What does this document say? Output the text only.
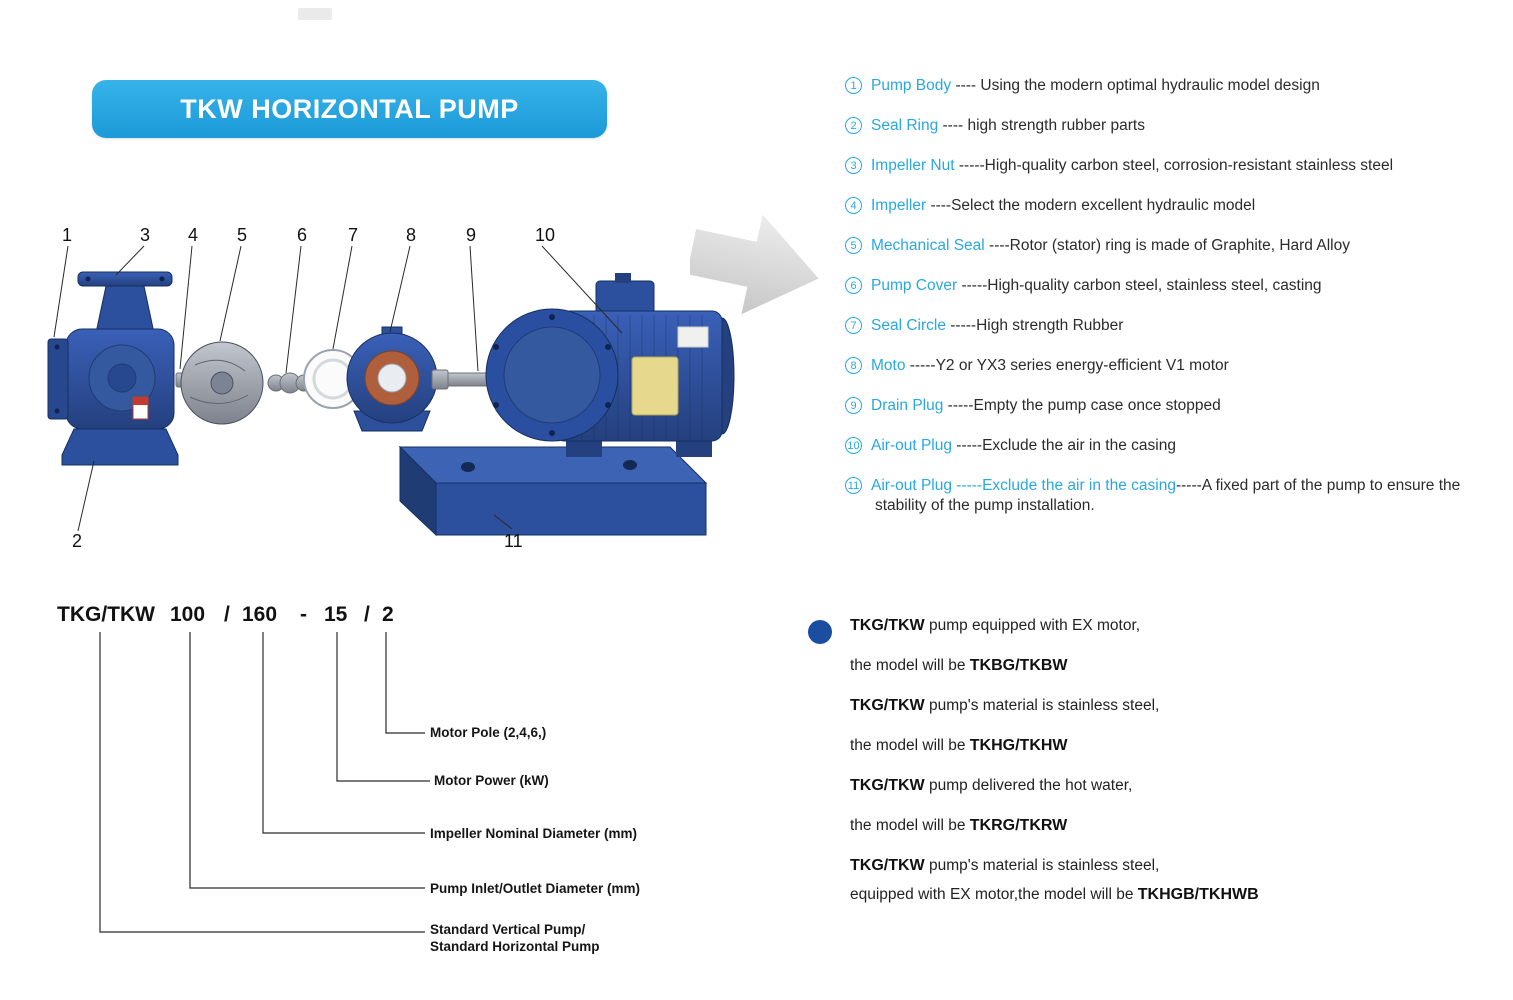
TKW HORIZONTAL PUMP
1	3 4 5	6 7	8	9	10
2	11
1 Pump Body ---- Using the modern optimal hydraulic model design
2 Seal Ring ---- high strength rubber parts
3 Impeller Nut -----High-quality carbon steel, corrosion-resistant stainless steel
4 Impeller ----Select the modern excellent hydraulic model
5 Mechanical Seal ----Rotor (stator) ring is made of Graphite, Hard Alloy
6 Pump Cover -----High-quality carbon steel, stainless steel, casting
7 Seal Circle -----High strength Rubber
8 Moto -----Y2 or YX3 series energy-efficient V1 motor
9 Drain Plug -----Empty the pump case once stopped
10 Air-out Plug -----Exclude the air in the casing
11 Air-out Plug -----Exclude the air in the casing-----A fixed part of the pump to ensure the stability of the pump installation.
TKG/TKW 100 / 160 - 15 / 2
Motor Pole (2,4,6,)
Motor Power (kW)
Impeller Nominal Diameter (mm)
Pump Inlet/Outlet Diameter (mm)
Standard Vertical Pump/
Standard Horizontal Pump
TKG/TKW pump equipped with EX motor,
the model will be TKBG/TKBW
TKG/TKW pump's material is stainless steel,
the model will be TKHG/TKHW
TKG/TKW pump delivered the hot water,
the model will be TKRG/TKRW
TKG/TKW pump's material is stainless steel,
equipped with EX motor,the model will be TKHGB/TKHWB
